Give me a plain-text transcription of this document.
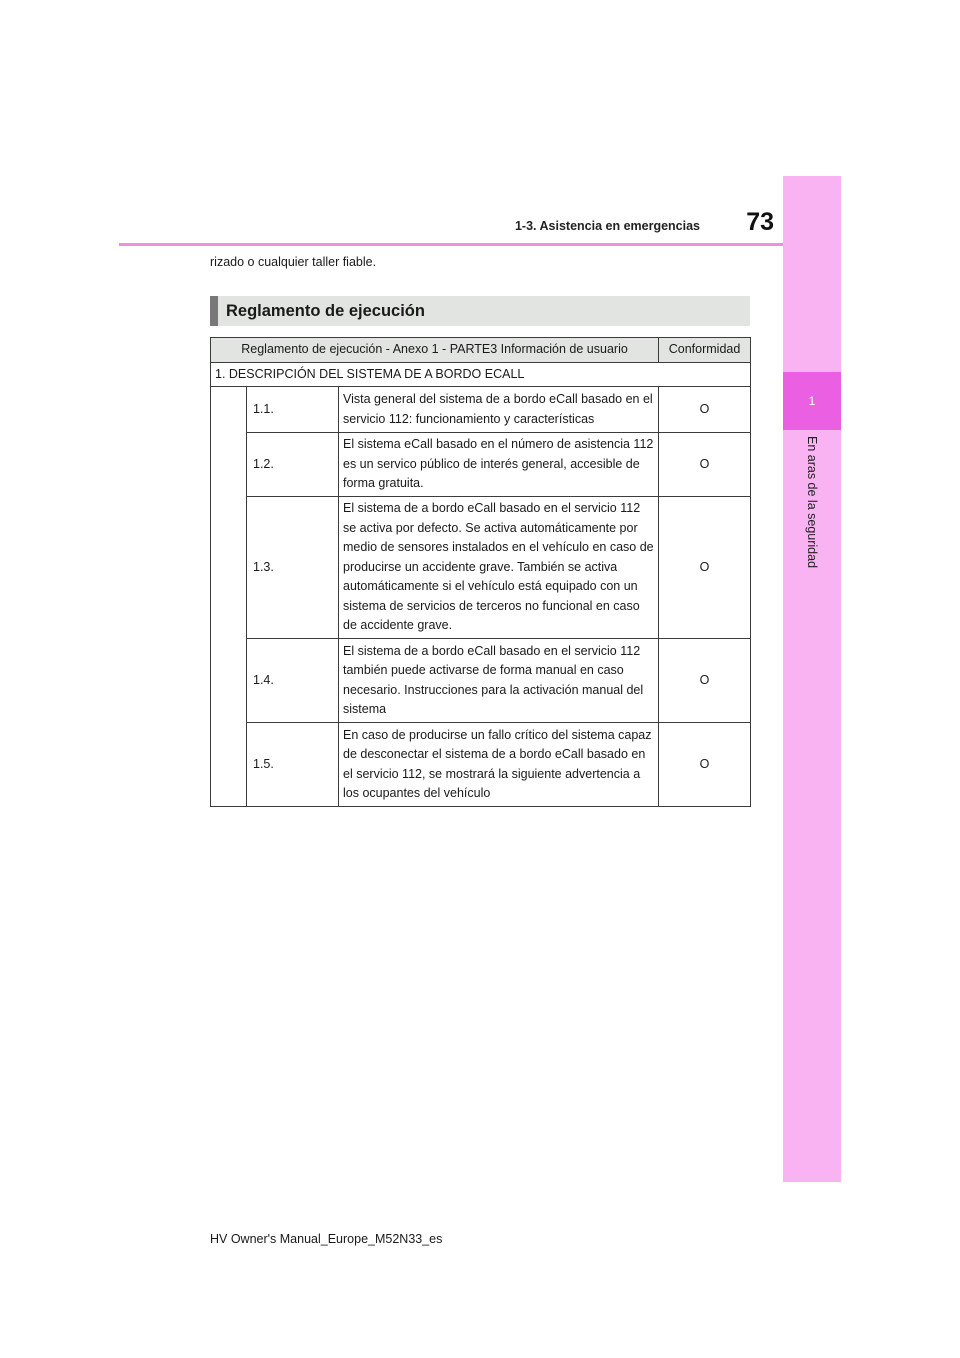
1
En aras de la seguridad
73
1-3. Asistencia en emergencias
rizado o cualquier taller fiable.
Reglamento de ejecución
Reglamento de ejecución - Anexo 1 - PARTE3 Información de usuario			Conformidad
1. DESCRIPCIÓN DEL SISTEMA DE A BORDO ECALL			
	1.1.	Vista general del sistema de a bordo eCall basado en el servicio 112: funcionamiento y características	O
	1.2.	El sistema eCall basado en el número de asistencia 112 es un servico público de interés general, accesible de forma gratuita.	O
	1.3.	El sistema de a bordo eCall basado en el servicio 112 se activa por defecto. Se activa automáticamente por medio de sensores instalados en el vehículo en caso de producirse un accidente grave. También se activa automáticamente si el vehículo está equipado con un sistema de servicios de terceros no funcional en caso de accidente grave.	O
	1.4.	El sistema de a bordo eCall basado en el servicio 112 también puede activarse de forma manual en caso necesario. Instrucciones para la activación manual del sistema	O
	1.5.	En caso de producirse un fallo crítico del sistema capaz de desconectar el sistema de a bordo eCall basado en el servicio 112, se mostrará la siguiente advertencia a los ocupantes del vehículo	O
HV Owner's Manual_Europe_M52N33_es
